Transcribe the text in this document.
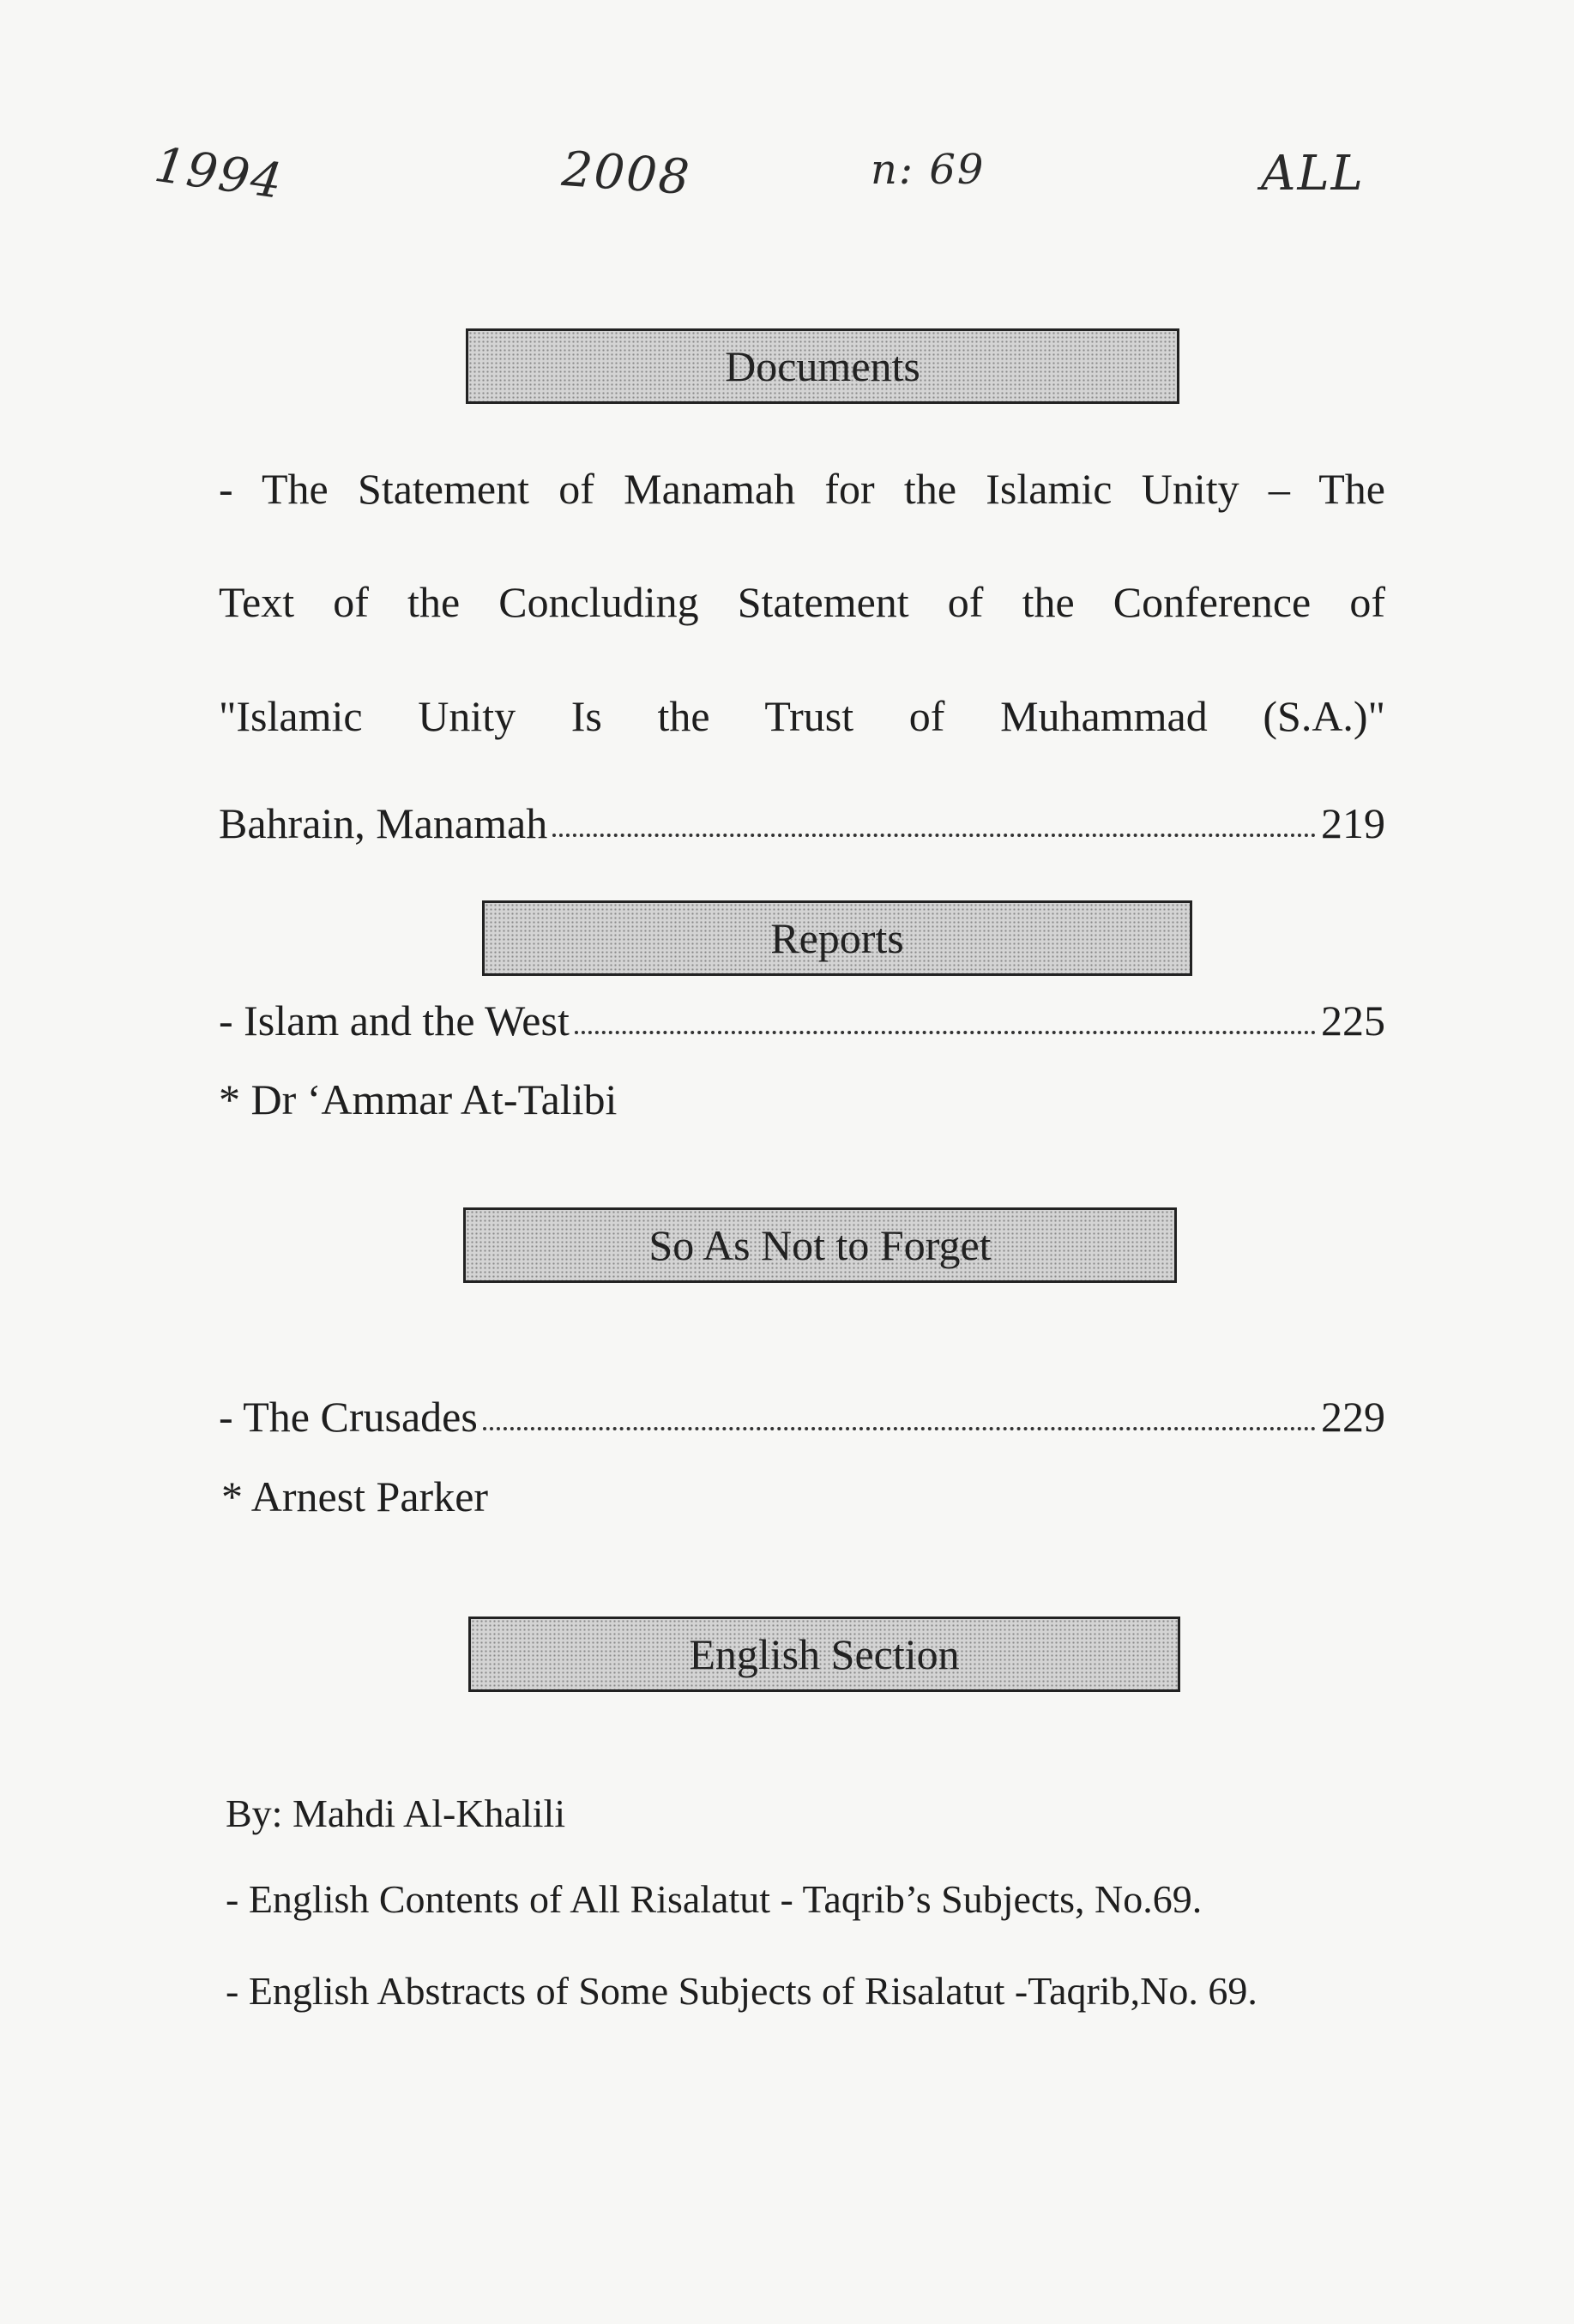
1994	2008	n: 69	ALL
Documents
- The Statement of Manamah for the Islamic Unity – The
Text of the Concluding Statement of the Conference of
"Islamic Unity Is the Trust of Muhammad (S.A.)"
Bahrain, Manamah	219
Reports
- Islam and the West	225
* Dr ‘Ammar At-Talibi
So As Not to Forget
- The Crusades	229
* Arnest Parker
English Section
By: Mahdi Al-Khalili
- English Contents of All Risalatut - Taqrib’s Subjects, No.69.
- English Abstracts of Some Subjects of Risalatut -Taqrib,No. 69.
